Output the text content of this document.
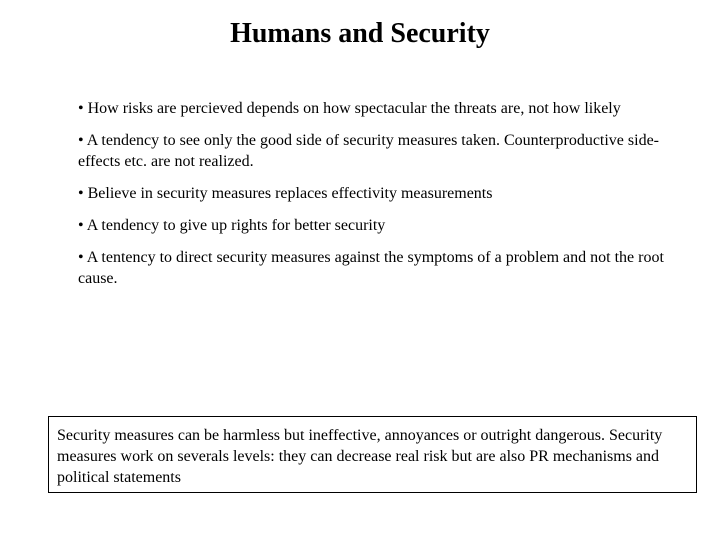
Humans and Security
• How risks are percieved depends on how spectacular the threats are, not how likely
• A tendency to see only the good side of security measures taken. Counterproductive side-effects etc. are not realized.
• Believe in security measures replaces effectivity measurements
• A tendency to give up rights for better security
• A tentency to direct security measures against the symptoms of a problem and not the root cause.
Security measures can be harmless but ineffective, annoyances or outright dangerous. Security measures work on severals levels: they can decrease real risk but are also PR mechanisms and political statements
